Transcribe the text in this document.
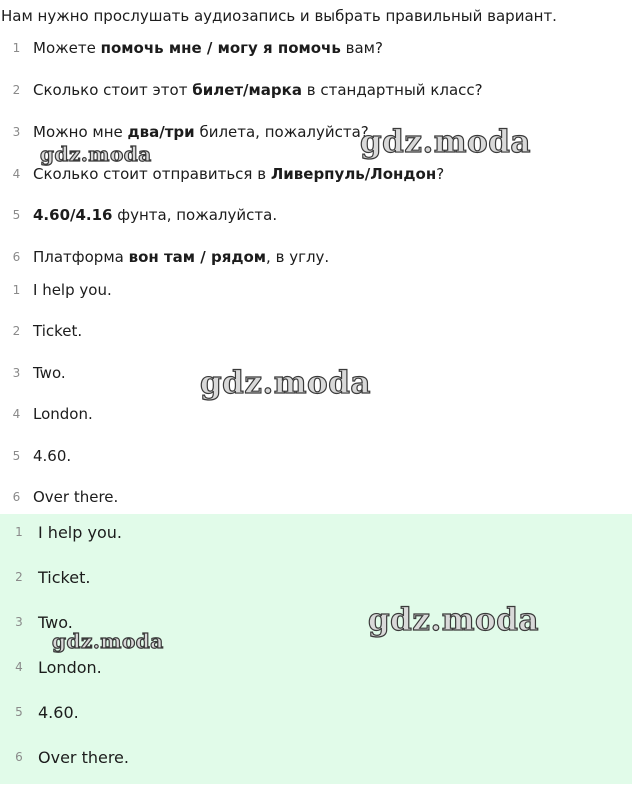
Нам нужно прослушать аудиозапись и выбрать правильный вариант.
1 Можете помочь мне / могу я помочь вам?
2 Сколько стоит этот билет/марка в стандартный класс?
3 Можно мне два/три билета, пожалуйста?
4 Сколько стоит отправиться в Ливерпуль/Лондон?
5 4.60/4.16 фунта, пожалуйста.
6 Платформа вон там / рядом, в углу.
1 I help you.
2 Ticket.
3 Two.
4 London.
5 4.60.
6 Over there.
1 I help you.
2 Ticket.
3 Two.
4 London.
5 4.60.
6 Over there.
gdz.moda
gdz.moda
gdz.moda
gdz.moda
gdz.moda
